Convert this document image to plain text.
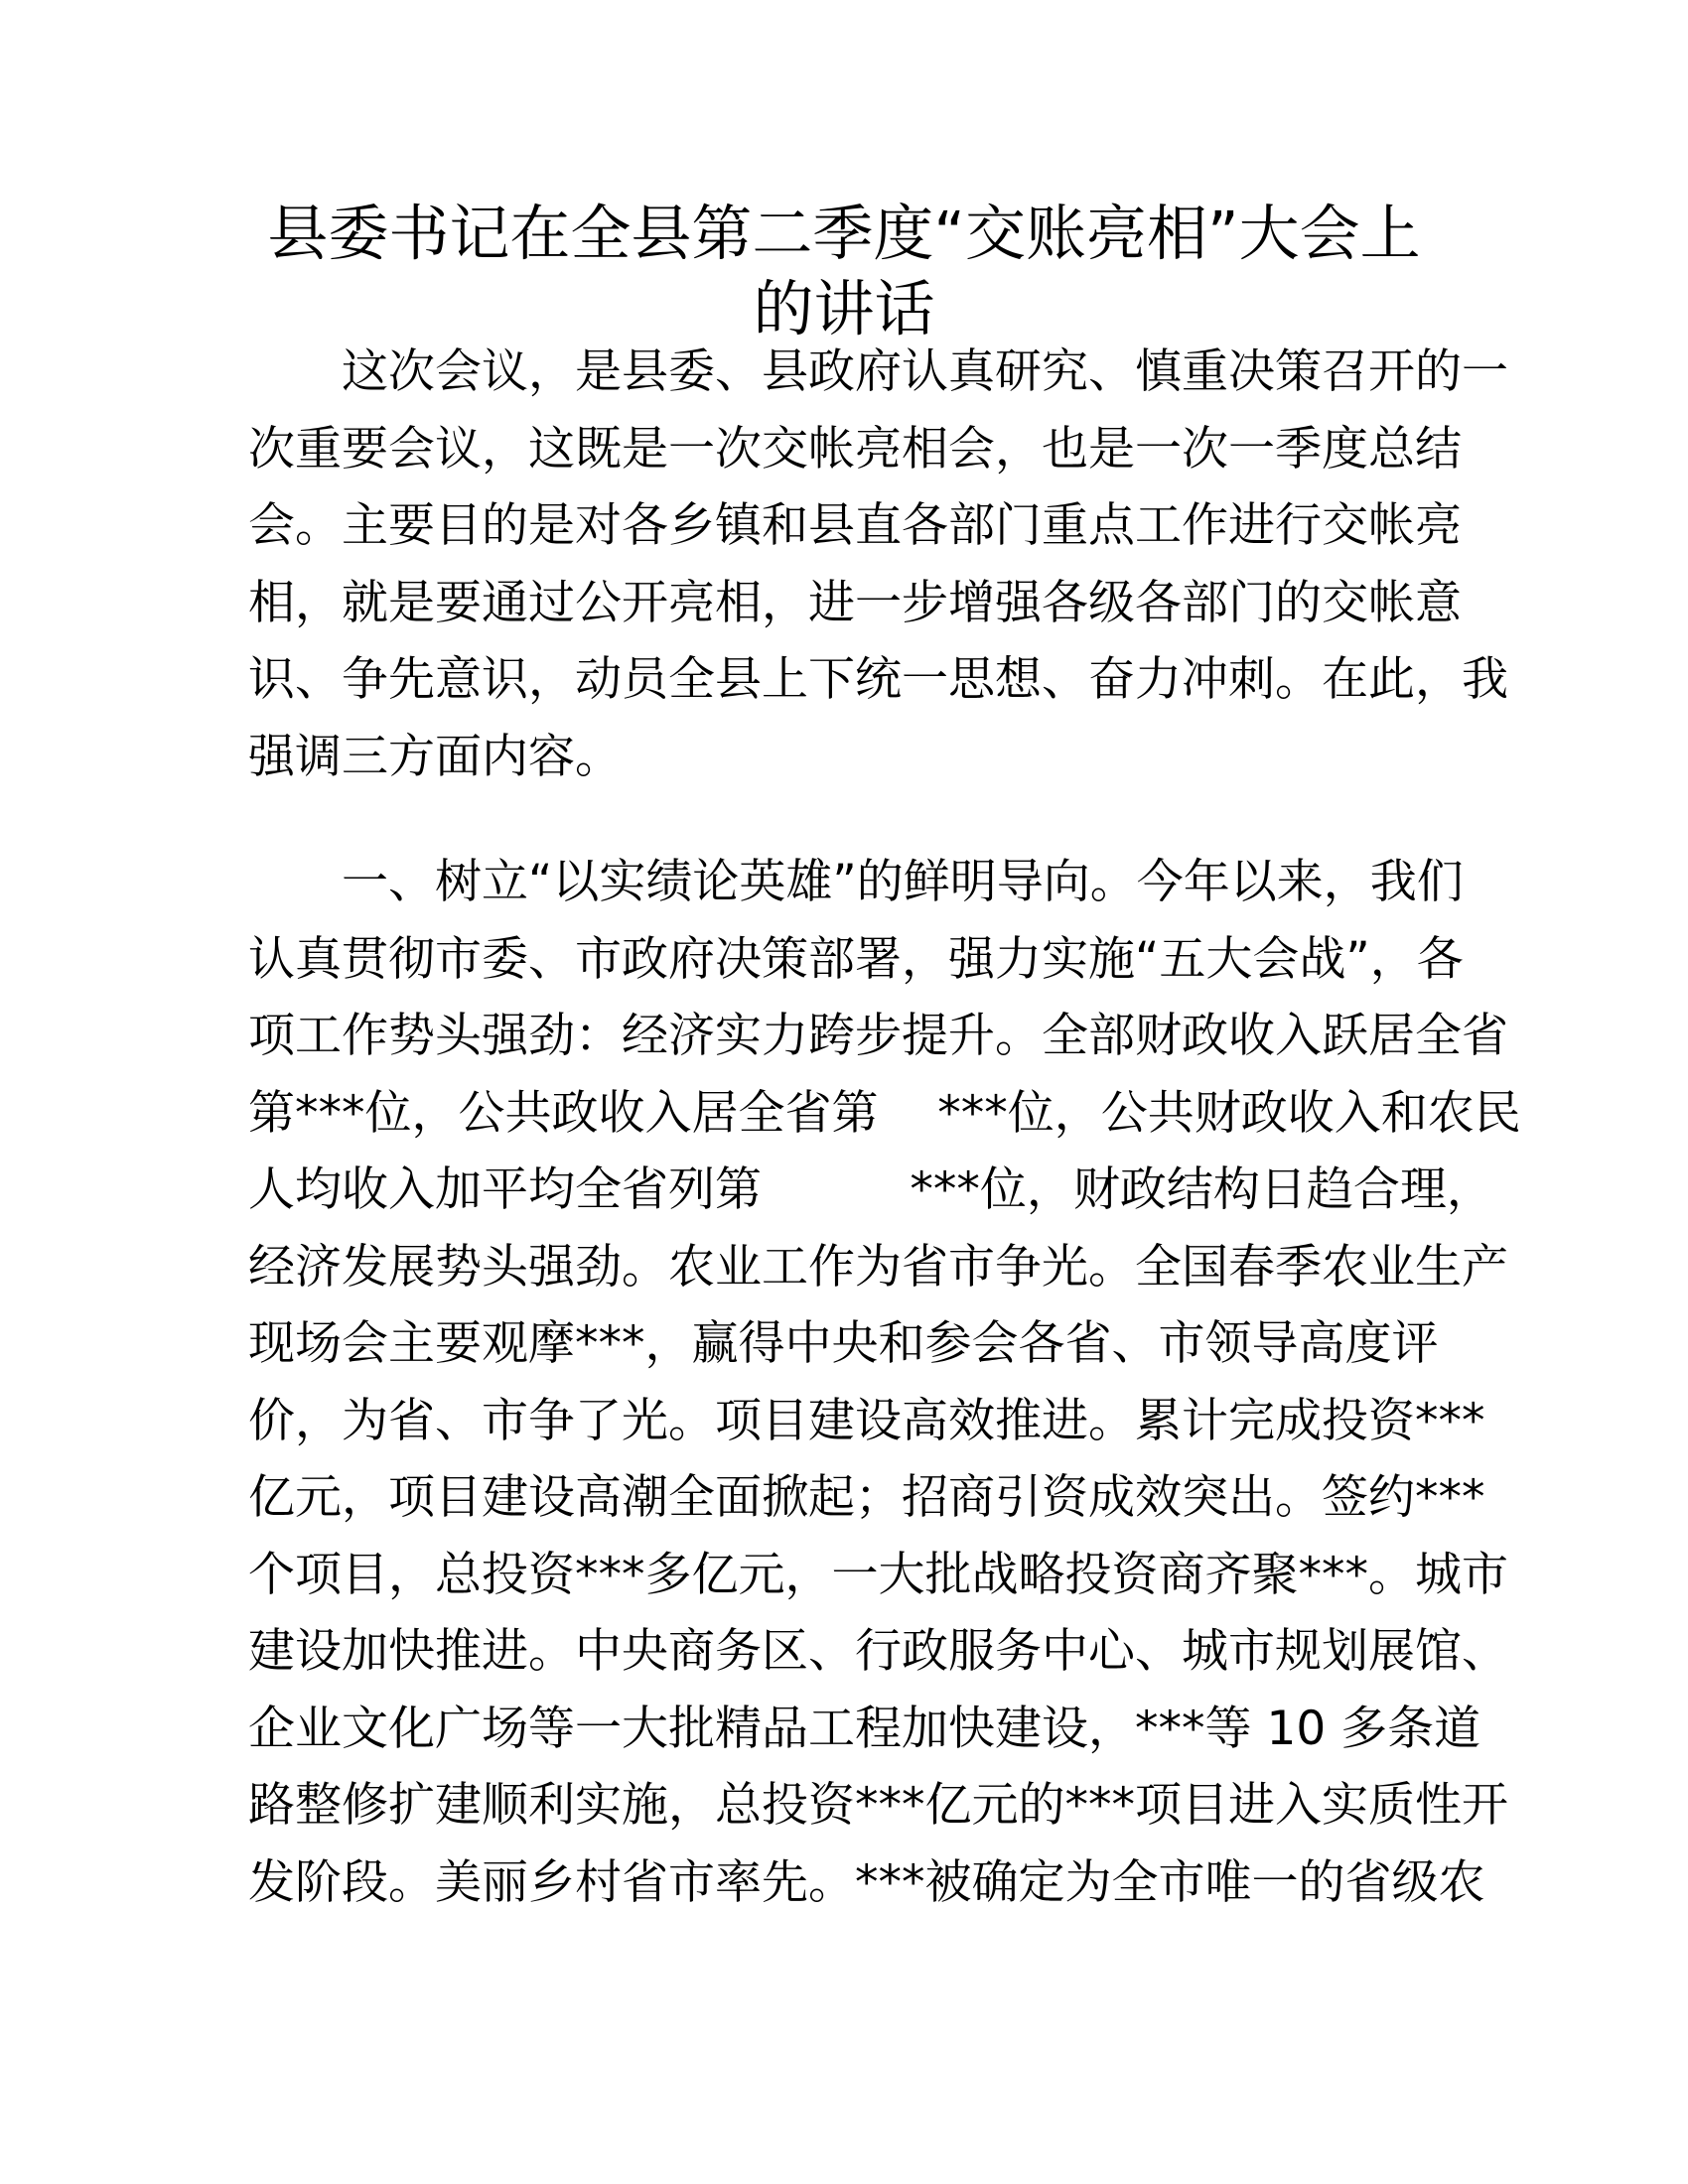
县委书记在全县第二季度“交账亮相”大会上
的讲话
这次会议，是县委、县政府认真研究、慎重决策召开的一
次重要会议，这既是一次交帐亮相会，也是一次一季度总结
会。主要目的是对各乡镇和县直各部门重点工作进行交帐亮
相，就是要通过公开亮相，进一步增强各级各部门的交帐意
识、争先意识，动员全县上下统一思想、奋力冲刺。在此，我
强调三方面内容。
一、树立“以实绩论英雄”的鲜明导向。今年以来，我们
认真贯彻市委、市政府决策部署，强力实施“五大会战”，各
项工作势头强劲：经济实力跨步提升。全部财政收入跃居全省
第***位，公共政收入居全省第    ***位，公共财政收入和农民
人均收入加平均全省列第          ***位，财政结构日趋合理，
经济发展势头强劲。农业工作为省市争光。全国春季农业生产
现场会主要观摩***，赢得中央和参会各省、市领导高度评
价，为省、市争了光。项目建设高效推进。累计完成投资***
亿元，项目建设高潮全面掀起；招商引资成效突出。签约***
个项目，总投资***多亿元，一大批战略投资商齐聚***。城市
建设加快推进。中央商务区、行政服务中心、城市规划展馆、
企业文化广场等一大批精品工程加快建设，***等 10 多条道
路整修扩建顺利实施，总投资***亿元的***项目进入实质性开
发阶段。美丽乡村省市率先。***被确定为全市唯一的省级农
